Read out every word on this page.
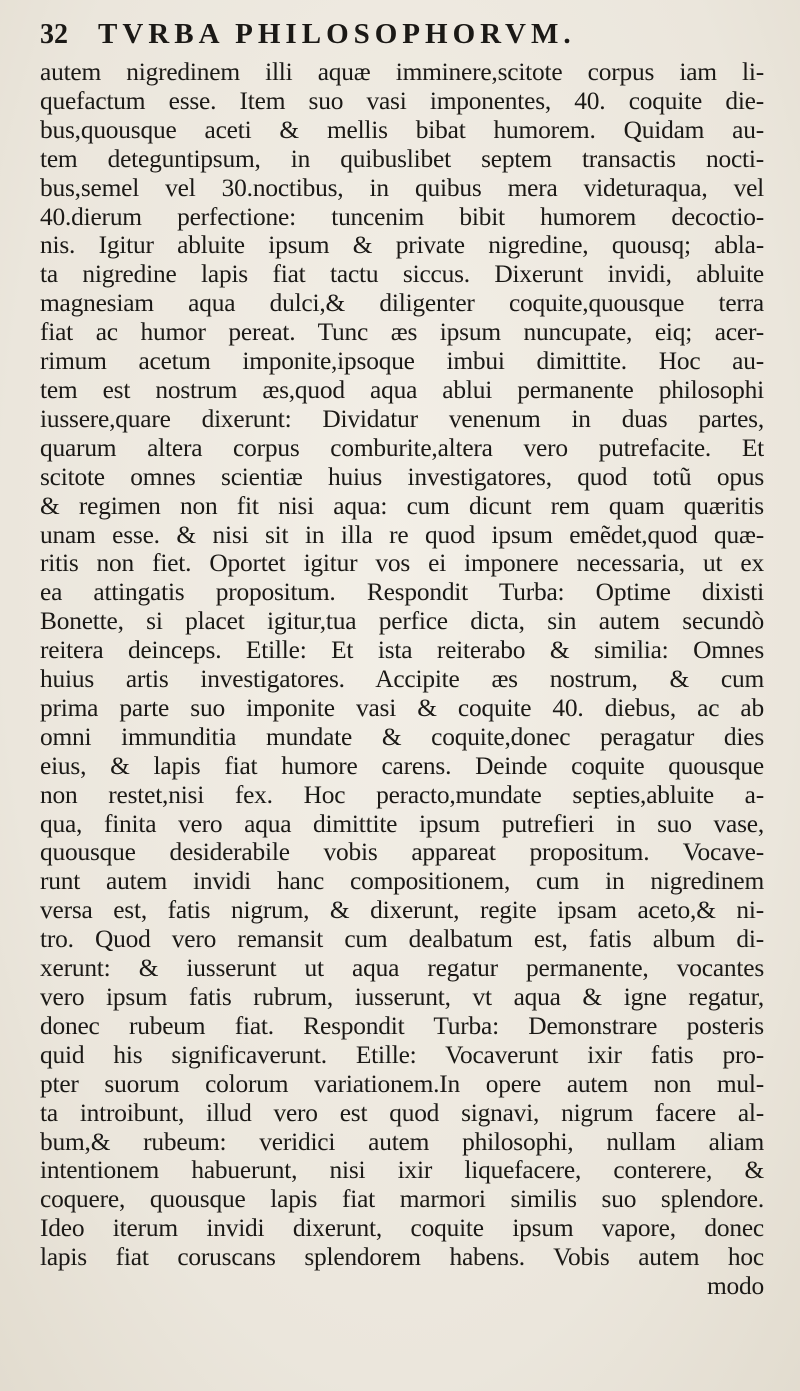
32	TVRBA PHILOSOPHORVM.
autem nigredinem illi aquæ imminere,scitote corpus iam li-
quefactum esse. Item suo vasi imponentes, 40. coquite die-
bus,quousque aceti & mellis bibat humorem. Quidam au-
tem deteguntipsum, in quibuslibet septem transactis nocti-
bus,semel vel 30.noctibus, in quibus mera videturaqua, vel
40.dierum perfectione: tuncenim bibit humorem decoctio-
nis. Igitur abluite ipsum & private nigredine, quousq; abla-
ta nigredine lapis fiat tactu siccus. Dixerunt invidi, abluite
magnesiam aqua dulci,& diligenter coquite,quousque terra
fiat ac humor pereat. Tunc æs ipsum nuncupate, eiq; acer-
rimum acetum imponite,ipsoque imbui dimittite. Hoc au-
tem est nostrum æs,quod aqua ablui permanente philosophi
iussere,quare dixerunt: Dividatur venenum in duas partes,
quarum altera corpus comburite,altera vero putrefacite. Et
scitote omnes scientiæ huius investigatores, quod totũ opus
& regimen non fit nisi aqua: cum dicunt rem quam quæritis
unam esse. & nisi sit in illa re quod ipsum emẽdet,quod quæ-
ritis non fiet. Oportet igitur vos ei imponere necessaria, ut ex
ea attingatis propositum. Respondit Turba: Optime dixisti
Bonette, si placet igitur,tua perfice dicta, sin autem secundò
reitera deinceps. Etille: Et ista reiterabo & similia: Omnes
huius artis investigatores. Accipite æs nostrum, & cum
prima parte suo imponite vasi & coquite 40. diebus, ac ab
omni immunditia mundate & coquite,donec peragatur dies
eius, & lapis fiat humore carens. Deinde coquite quousque
non restet,nisi fex. Hoc peracto,mundate septies,abluite a-
qua, finita vero aqua dimittite ipsum putrefieri in suo vase,
quousque desiderabile vobis appareat propositum. Vocave-
runt autem invidi hanc compositionem, cum in nigredinem
versa est, fatis nigrum, & dixerunt, regite ipsam aceto,& ni-
tro. Quod vero remansit cum dealbatum est, fatis album di-
xerunt: & iusserunt ut aqua regatur permanente, vocantes
vero ipsum fatis rubrum, iusserunt, vt aqua & igne regatur,
donec rubeum fiat. Respondit Turba: Demonstrare posteris
quid his significaverunt. Etille: Vocaverunt ixir fatis pro-
pter suorum colorum variationem.In opere autem non mul-
ta introibunt, illud vero est quod signavi, nigrum facere al-
bum,& rubeum: veridici autem philosophi, nullam aliam
intentionem habuerunt, nisi ixir liquefacere, conterere, &
coquere, quousque lapis fiat marmori similis suo splendore.
Ideo iterum invidi dixerunt, coquite ipsum vapore, donec
lapis fiat coruscans splendorem habens. Vobis autem hoc
modo
